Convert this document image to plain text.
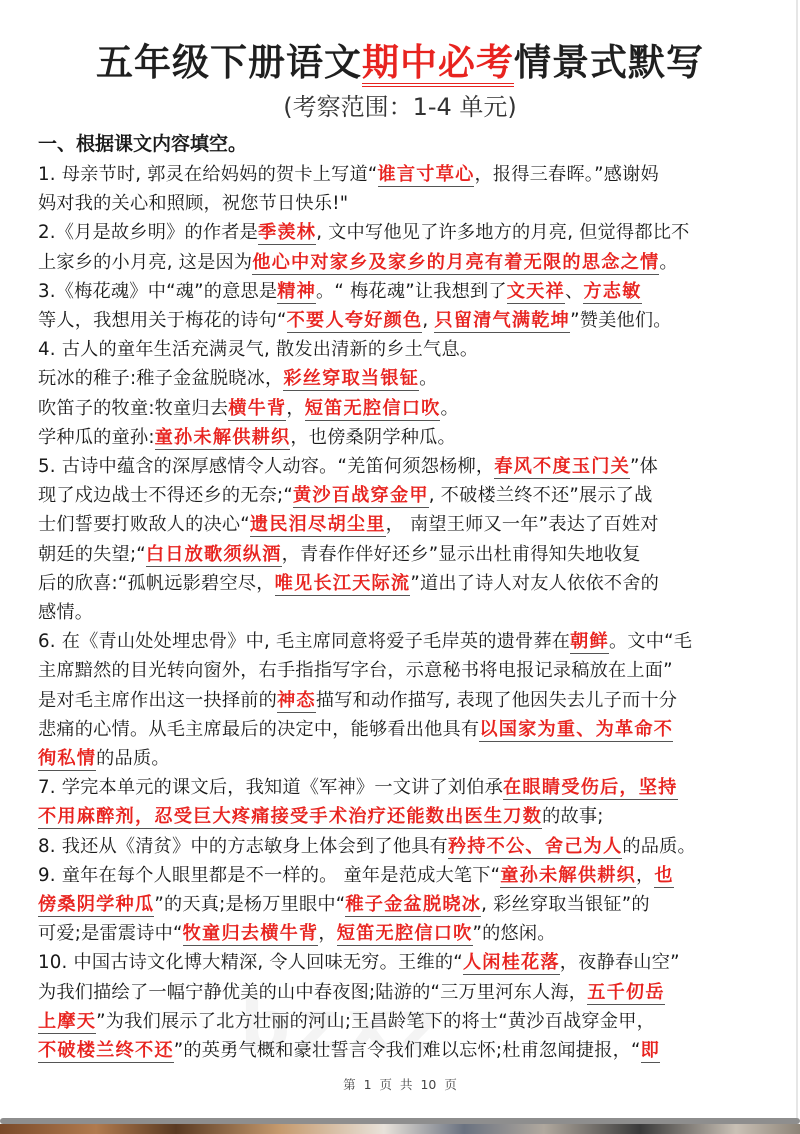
五年级下册语文期中必考情景式默写
(考察范围：1-4 单元)
一、根据课文内容填空。
1. 母亲节时, 郭灵在给妈妈的贺卡上写道“谁言寸草心，报得三春晖。”感谢妈
妈对我的关心和照顾，祝您节日快乐!"
2.《月是故乡明》的作者是季羡林, 文中写他见了许多地方的月亮, 但觉得都比不
上家乡的小月亮, 这是因为他心中对家乡及家乡的月亮有着无限的思念之情。
3.《梅花魂》中“魂”的意思是精神。“ 梅花魂”让我想到了文天祥、方志敏
等人，我想用关于梅花的诗句“不要人夸好颜色, 只留清气满乾坤”赞美他们。
4. 古人的童年生活充满灵气, 散发出清新的乡土气息。
玩冰的稚子:稚子金盆脱晓冰，彩丝穿取当银钲。
吹笛子的牧童:牧童归去横牛背，短笛无腔信口吹。
学种瓜的童孙:童孙未解供耕织，也傍桑阴学种瓜。
5. 古诗中蕴含的深厚感情令人动容。“羌笛何须怨杨柳，春风不度玉门关”体
现了戍边战士不得还乡的无奈;“黄沙百战穿金甲, 不破楼兰终不还”展示了战
士们誓要打败敌人的决心“遗民泪尽胡尘里， 南望王师又一年”表达了百姓对
朝廷的失望;“白日放歌须纵酒，青春作伴好还乡”显示出杜甫得知失地收复
后的欣喜:“孤帆远影碧空尽，唯见长江天际流”道出了诗人对友人依依不舍的
感情。
6. 在《青山处处埋忠骨》中, 毛主席同意将爱子毛岸英的遗骨葬在朝鲜。文中“毛
主席黯然的目光转向窗外，右手指指写字台，示意秘书将电报记录稿放在上面”
是对毛主席作出这一抉择前的神态描写和动作描写, 表现了他因失去儿子而十分
悲痛的心情。从毛主席最后的决定中，能够看出他具有以国家为重、为革命不
徇私情的品质。
7. 学完本单元的课文后，我知道《军神》一文讲了刘伯承在眼睛受伤后，坚持
不用麻醉剂，忍受巨大疼痛接受手术治疗还能数出医生刀数的故事;
8. 我还从《清贫》中的方志敏身上体会到了他具有矜持不公、舍己为人的品质。
9. 童年在每个人眼里都是不一样的。 童年是范成大笔下“童孙未解供耕织，也
傍桑阴学种瓜”的天真;是杨万里眼中“稚子金盆脱晓冰, 彩丝穿取当银钲”的
可爱;是雷震诗中“牧童归去横牛背，短笛无腔信口吹”的悠闲。
10. 中国古诗文化博大精深, 令人回味无穷。王维的“人闲桂花落，夜静春山空”
为我们描绘了一幅宁静优美的山中春夜图;陆游的“三万里河东人海，五千仞岳
上摩天”为我们展示了北方壮丽的河山;王昌龄笔下的将士“黄沙百战穿金甲，
不破楼兰终不还”的英勇气概和豪壮誓言令我们难以忘怀;杜甫忽闻捷报，“即
第 1 页 共 10 页
